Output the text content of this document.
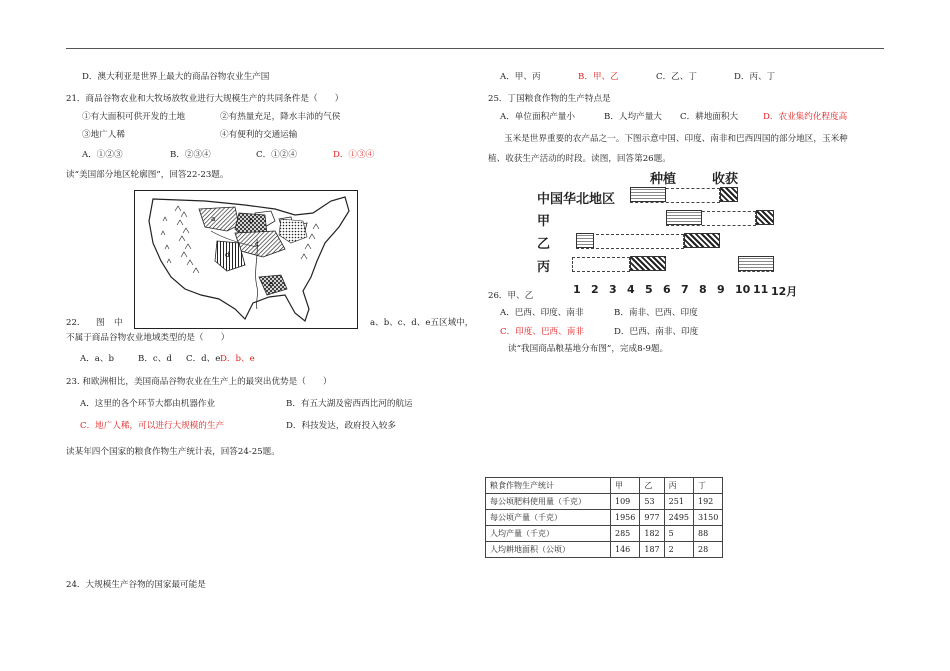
D．澳大利亚是世界上最大的商品谷物农业生产国
21．商品谷物农业和大牧场放牧业进行大规模生产的共同条件是（　　）
①有大面积可供开发的土地	②有热量充足，降水丰沛的气侯
③地广人稀	④有便利的交通运输
A．①②③	B．②③④	C．①②④	D．①③④
读“美国部分地区轮廓图”，回答22-23题。
a	b
c
d
e
22. 图 中	a、b、c、d、e五区域中，
不属于商品谷物农业地域类型的是（　　）
A．a、b	B．c、d C．d、e D．b、e
23. 和欧洲相比，美国商品谷物农业在生产上的最突出优势是（　　）
A．这里的各个环节大都由机器作业	B．有五大湖及密西西比河的航运
C．地广人稀，可以进行大规模的生产	D．科技发达，政府投入较多
读某年四个国家的粮食作物生产统计表，回答24-25题。
24．大规模生产谷物的国家最可能是
A．甲、丙	B．甲、乙	C．乙、丁	D．丙、丁
25．丁国粮食作物的生产特点是
A．单位面积产量小	B．人均产量大 C．耕地面积大	D．农业集约化程度高
玉米是世界重要的农产品之一。下图示意中国、印度、南非和巴西四国的部分地区，玉米种
植、收获生产活动的时段。读图，回答第26题。
种植	收获
中国华北地区
甲
乙
丙
1 2 3 4 5 6 7 8 9 10 11 12月
26．甲、乙
A．巴西、印度、南非	B．南非、巴西、印度
C．印度、巴西、南非	D．巴西、南非、印度
读“我国商品粮基地分布图”，完成8-9题。
粮食作物生产统计	甲	乙	丙	丁
每公顷肥料使用量（千克）	109	53	251	192
每公顷产量（千克）	1956	977	2495	3150
人均产量（千克）	285	182	5	88
人均耕地面积（公顷）	146	187	2	28
